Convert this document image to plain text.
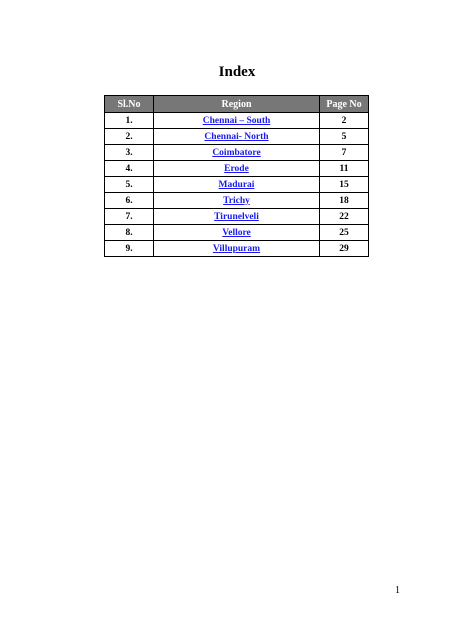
Index
Sl.No	Region	Page No
1.	Chennai – South	2
2.	Chennai- North	5
3.	Coimbatore	7
4.	Erode	11
5.	Madurai	15
6.	Trichy	18
7.	Tirunelveli	22
8.	Vellore	25
9.	Villupuram	29
1
